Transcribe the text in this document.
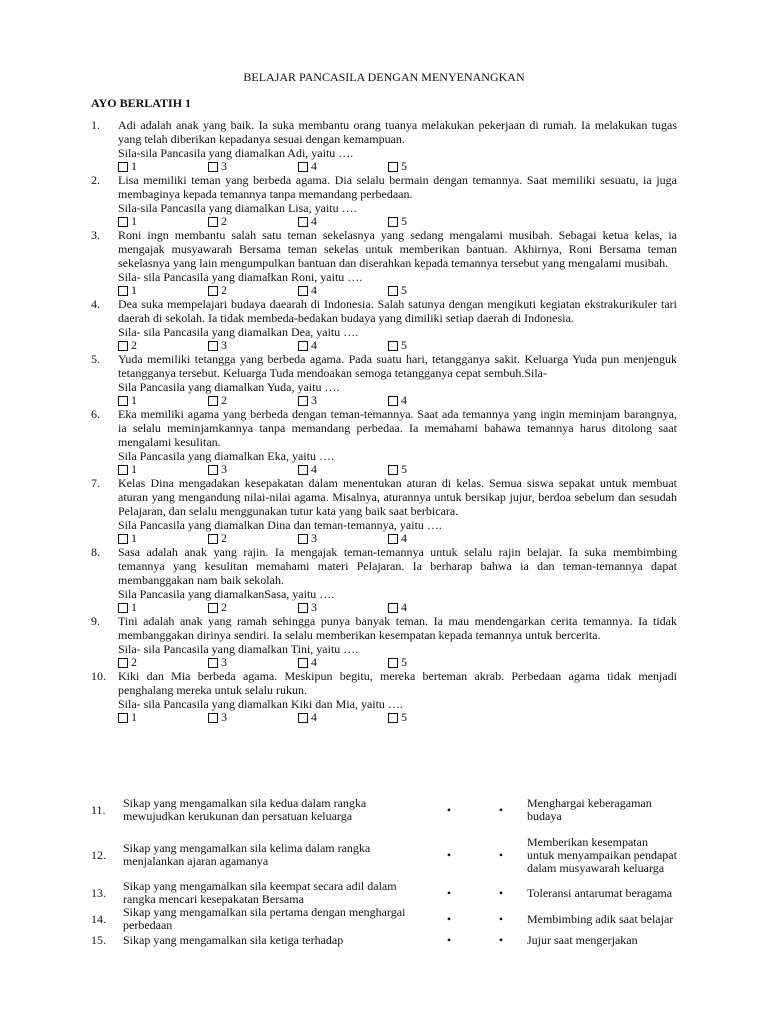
BELAJAR PANCASILA DENGAN MENYENANGKAN
AYO BERLATIH 1
1. Adi adalah anak yang baik. Ia suka membantu orang tuanya melakukan pekerjaan di rumah. Ia melakukan tugas yang telah diberikan kepadanya sesuai dengan kemampuan.
Sila-sila Pancasila yang diamalkan Adi, yaitu ….
1	3	4	5
2. Lisa memiliki teman yang berbeda agama. Dia selalu bermain dengan temannya. Saat memiliki sesuatu, ia juga membaginya kepada temannya tanpa memandang perbedaan.
Sila-sila Pancasila yang diamalkan Lisa, yaitu ….
1	2	4	5
3. Roni ingn membantu salah satu teman sekelasnya yang sedang mengalami musibah. Sebagai ketua kelas, ia mengajak musyawarah Bersama teman sekelas untuk memberikan bantuan. Akhirnya, Roni Bersama teman sekelasnya yang lain mengumpulkan bantuan dan diserahkan kepada temannya tersebut yang mengalami musibah.
Sila- sila Pancasila yang diamalkan Roni, yaitu ….
1	2	4	5
4. Dea suka mempelajari budaya daearah di Indonesia. Salah satunya dengan mengikuti kegiatan ekstrakurikuler tari daerah di sekolah. Ia tidak membeda-bedakan budaya yang dimiliki setiap daerah di Indonesia.
Sila- sila Pancasila yang diamalkan Dea, yaitu ….
2	3	4	5
5. Yuda memiliki tetangga yang berbeda agama. Pada suatu hari, tetangganya sakit. Keluarga Yuda pun menjenguk tetangganya tersebut. Keluarga Tuda mendoakan semoga tetangganya cepat sembuh.Sila-
Sila Pancasila yang diamalkan Yuda, yaitu ….
1	2	3	4
6. Eka memiliki agama yang berbeda dengan teman-temannya. Saat ada temannya yang ingin meminjam barangnya, ia selalu meminjamkannya tanpa memandang perbedaa. Ia memahami bahawa temannya harus ditolong saat mengalami kesulitan.
Sila Pancasila yang diamalkan Eka, yaitu ….
1	3	4	5
7. Kelas Dina mengadakan kesepakatan dalam menentukan aturan di kelas. Semua siswa sepakat untuk membuat aturan yang mengandung nilai-nilai agama. Misalnya, aturannya untuk bersikap jujur, berdoa sebelum dan sesudah Pelajaran, dan selalu menggunakan tutur kata yang baik saat berbicara.
Sila Pancasila yang diamalkan Dina dan teman-temannya, yaitu ….
1	2	3	4
8. Sasa adalah anak yang rajin. Ia mengajak teman-temannya untuk selalu rajin belajar. Ia suka membimbing temannya yang kesulitan memahami materi Pelajaran. Ia berharap bahwa ia dan teman-temannya dapat membanggakan nam baik sekolah.
Sila Pancasila yang diamalkanSasa, yaitu ….
1	2	3	4
9. Tini adalah anak yang ramah sehingga punya banyak teman. Ia mau mendengarkan cerita temannya. Ia tidak membanggakan dirinya sendiri. Ia selalu memberikan kesempatan kepada temannya untuk bercerita.
Sila- sila Pancasila yang diamalkan Tini, yaitu ….
2	3	4	5
10. Kiki dan Mia berbeda agama. Meskipun begitu, mereka berteman akrab. Perbedaan agama tidak menjadi penghalang mereka untuk selalu rukun.
Sila- sila Pancasila yang diamalkan Kiki dan Mia, yaitu ….
1	3	4	5
11.	Sikap yang mengamalkan sila kedua dalam rangka mewujudkan kerukunan dan persatuan keluarga	•	•	Menghargai keberagaman budaya
12.	Sikap yang mengamalkan sila kelima dalam rangka menjalankan ajaran agamanya	•	•	Memberikan kesempatan untuk menyampaikan pendapat dalam musyawarah keluarga
13.	Sikap yang mengamalkan sila keempat secara adil dalam rangka mencari kesepakatan Bersama	•	•	Toleransi antarumat beragama
14.	Sikap yang mengamalkan sila pertama dengan menghargai perbedaan	•	•	Membimbing adik saat belajar
15.	Sikap yang mengamalkan sila ketiga terhadap	•	•	Jujur saat mengerjakan
